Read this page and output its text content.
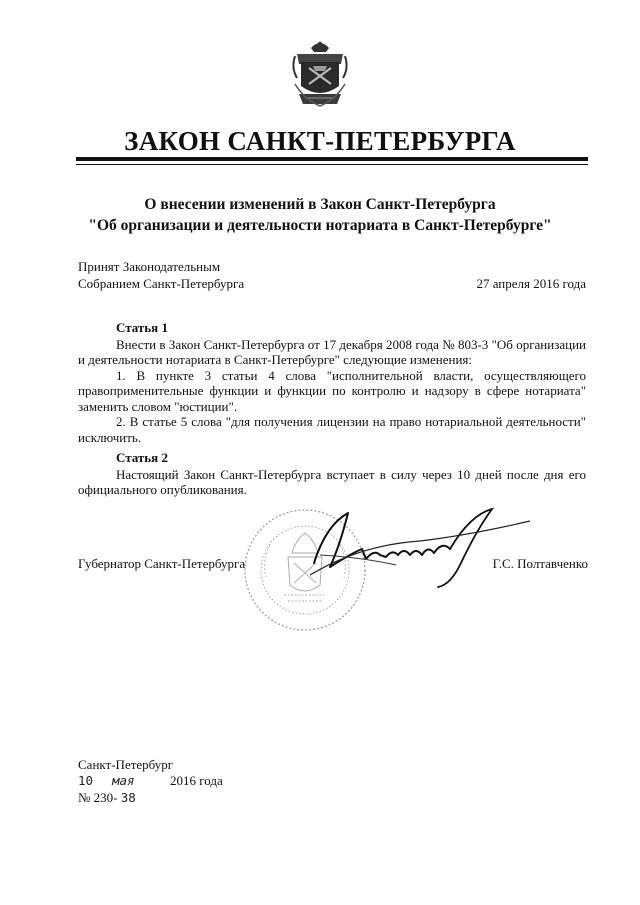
ЗАКОН САНКТ-ПЕТЕРБУРГА
О внесении изменений в Закон Санкт-Петербурга
"Об организации и деятельности нотариата в Санкт-Петербурге"
Принят Законодательным
Собранием Санкт-Петербурга	27 апреля 2016 года
Статья 1

Внести в Закон Санкт-Петербурга от 17 декабря 2008 года № 803-3 "Об организации и деятельности нотариата в Санкт-Петербурге" следующие изменения:

1. В пункте 3 статьи 4 слова "исполнительной власти, осуществляющего правоприменительные функции и функции по контролю и надзору в сфере нотариата" заменить словом "юстиции".

2. В статье 5 слова "для получения лицензии на право нотариальной деятельности" исключить.

Статья 2

Настоящий Закон Санкт-Петербурга вступает в силу через 10 дней после дня его официального опубликования.

Губернатор Санкт-Петербурга	Г.С. Полтавченко
Санкт-Петербург
10 мая	2016 года
№ 230- 38
